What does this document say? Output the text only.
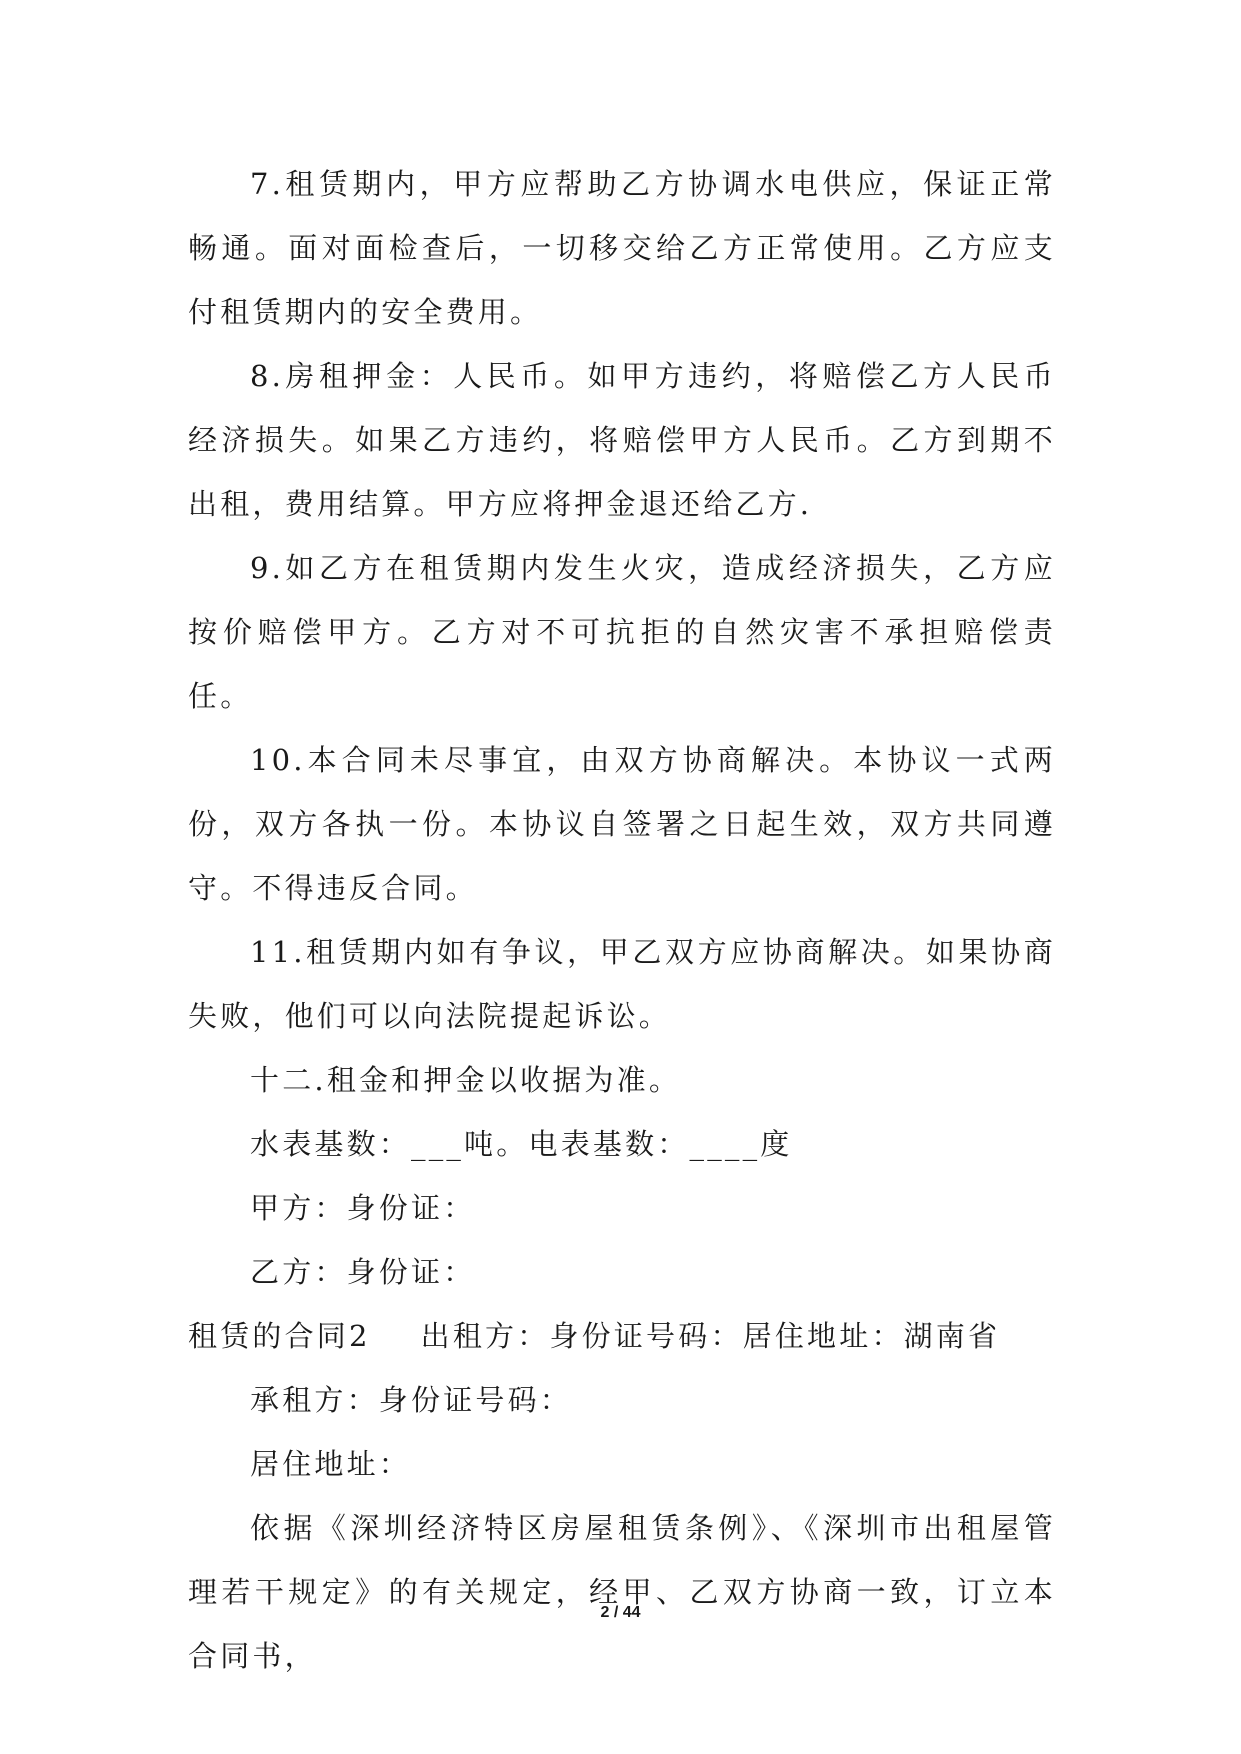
7.租赁期内，甲方应帮助乙方协调水电供应，保证正常畅通。面对面检查后，一切移交给乙方正常使用。乙方应支付租赁期内的安全费用。

8.房租押金：人民币。如甲方违约，将赔偿乙方人民币经济损失。如果乙方违约，将赔偿甲方人民币。乙方到期不出租，费用结算。甲方应将押金退还给乙方.

9.如乙方在租赁期内发生火灾，造成经济损失，乙方应按价赔偿甲方。乙方对不可抗拒的自然灾害不承担赔偿责任。

10.本合同未尽事宜，由双方协商解决。本协议一式两份，双方各执一份。本协议自签署之日起生效，双方共同遵守。不得违反合同。

11.租赁期内如有争议，甲乙双方应协商解决。如果协商失败，他们可以向法院提起诉讼。

十二.租金和押金以收据为准。

水表基数：___吨。电表基数：____度

甲方：身份证：

乙方：身份证：

租赁的合同2 出租方：身份证号码：居住地址：湖南省

承租方：身份证号码：

居住地址：

依据《深圳经济特区房屋租赁条例》、《深圳市出租屋管理若干规定》的有关规定，经甲、乙双方协商一致，订立本合同书，

2 / 44
